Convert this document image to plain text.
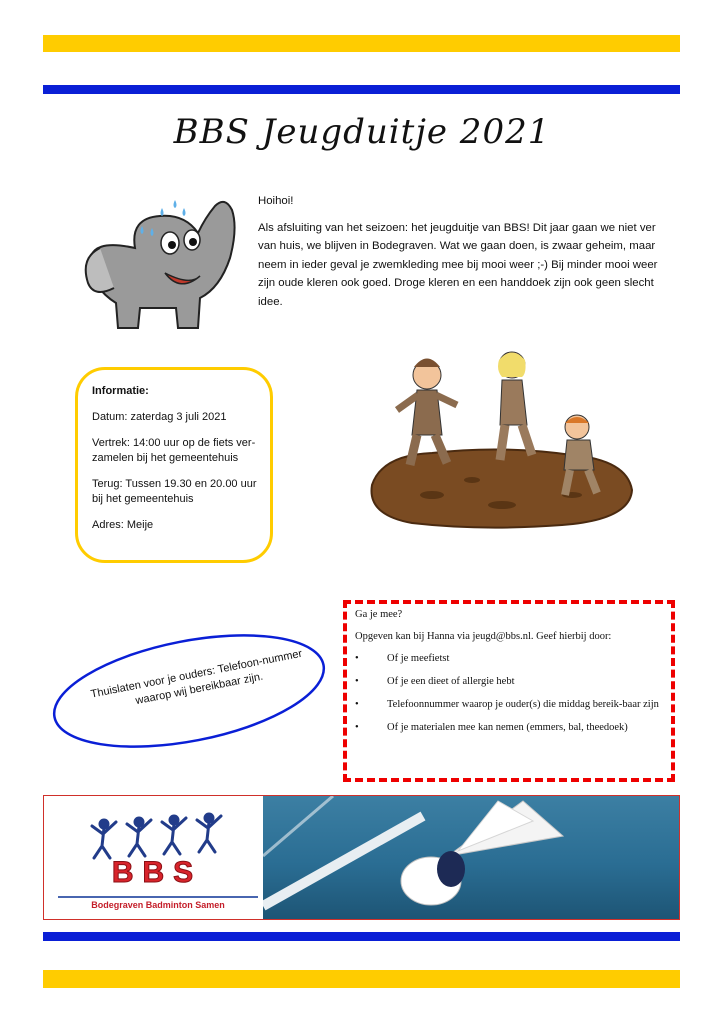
BBS Jeugduitje 2021

Hoihoi!

Als afsluiting van het seizoen: het jeugduitje van BBS! Dit jaar gaan we niet ver van huis, we blijven in Bodegraven. Wat we gaan doen, is zwaar geheim, maar neem in ieder geval je zwemkleding mee bij mooi weer ;-) Bij minder mooi weer zijn oude kleren ook goed. Droge kleren en een handdoek zijn ook geen slecht idee.

Informatie:

Datum: zaterdag 3 juli 2021

Vertrek: 14:00 uur op de fiets ver-zamelen bij het gemeentehuis

Terug: Tussen 19.30 en 20.00 uur bij het gemeentehuis

Adres: Meije

Thuislaten voor je ouders: Telefoon-nummer waarop wij bereikbaar zijn.

Ga je mee?

Opgeven kan bij Hanna via jeugd@bbs.nl. Geef hierbij door:

• Of je meefietst
• Of je een dieet of allergie hebt
• Telefoonnummer waarop je ouder(s) die middag bereik-baar zijn
• Of je materialen mee kan nemen (emmers, bal, theedoek)
BBS
Bodegraven Badminton Samen
